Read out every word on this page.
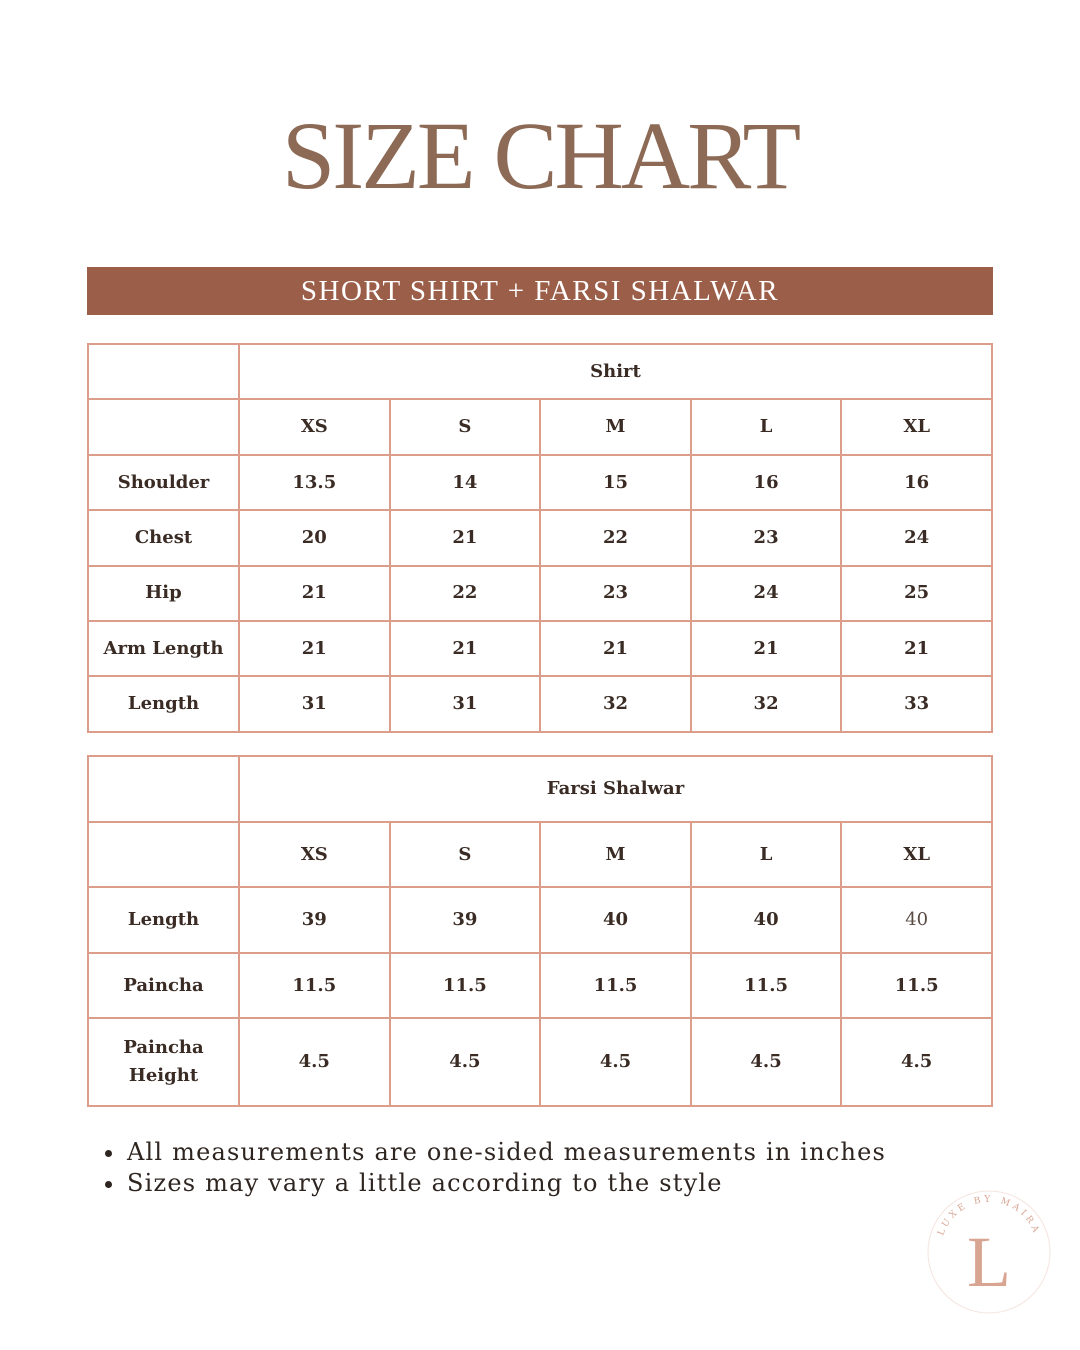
SIZE CHART
SHORT SHIRT + FARSI SHALWAR
	Shirt				
	XS	S	M	L	XL
Shoulder	13.5	14	15	16	16
Chest	20	21	22	23	24
Hip	21	22	23	24	25
Arm Length	21	21	21	21	21
Length	31	31	32	32	33
	Farsi Shalwar				
	XS	S	M	L	XL
Length	39	39	40	40	40
Paincha	11.5	11.5	11.5	11.5	11.5
Paincha Height	4.5	4.5	4.5	4.5	4.5
All measurements are one-sided measurements in inches
Sizes may vary a little according to the style
LUXE BY MAIRA
L
